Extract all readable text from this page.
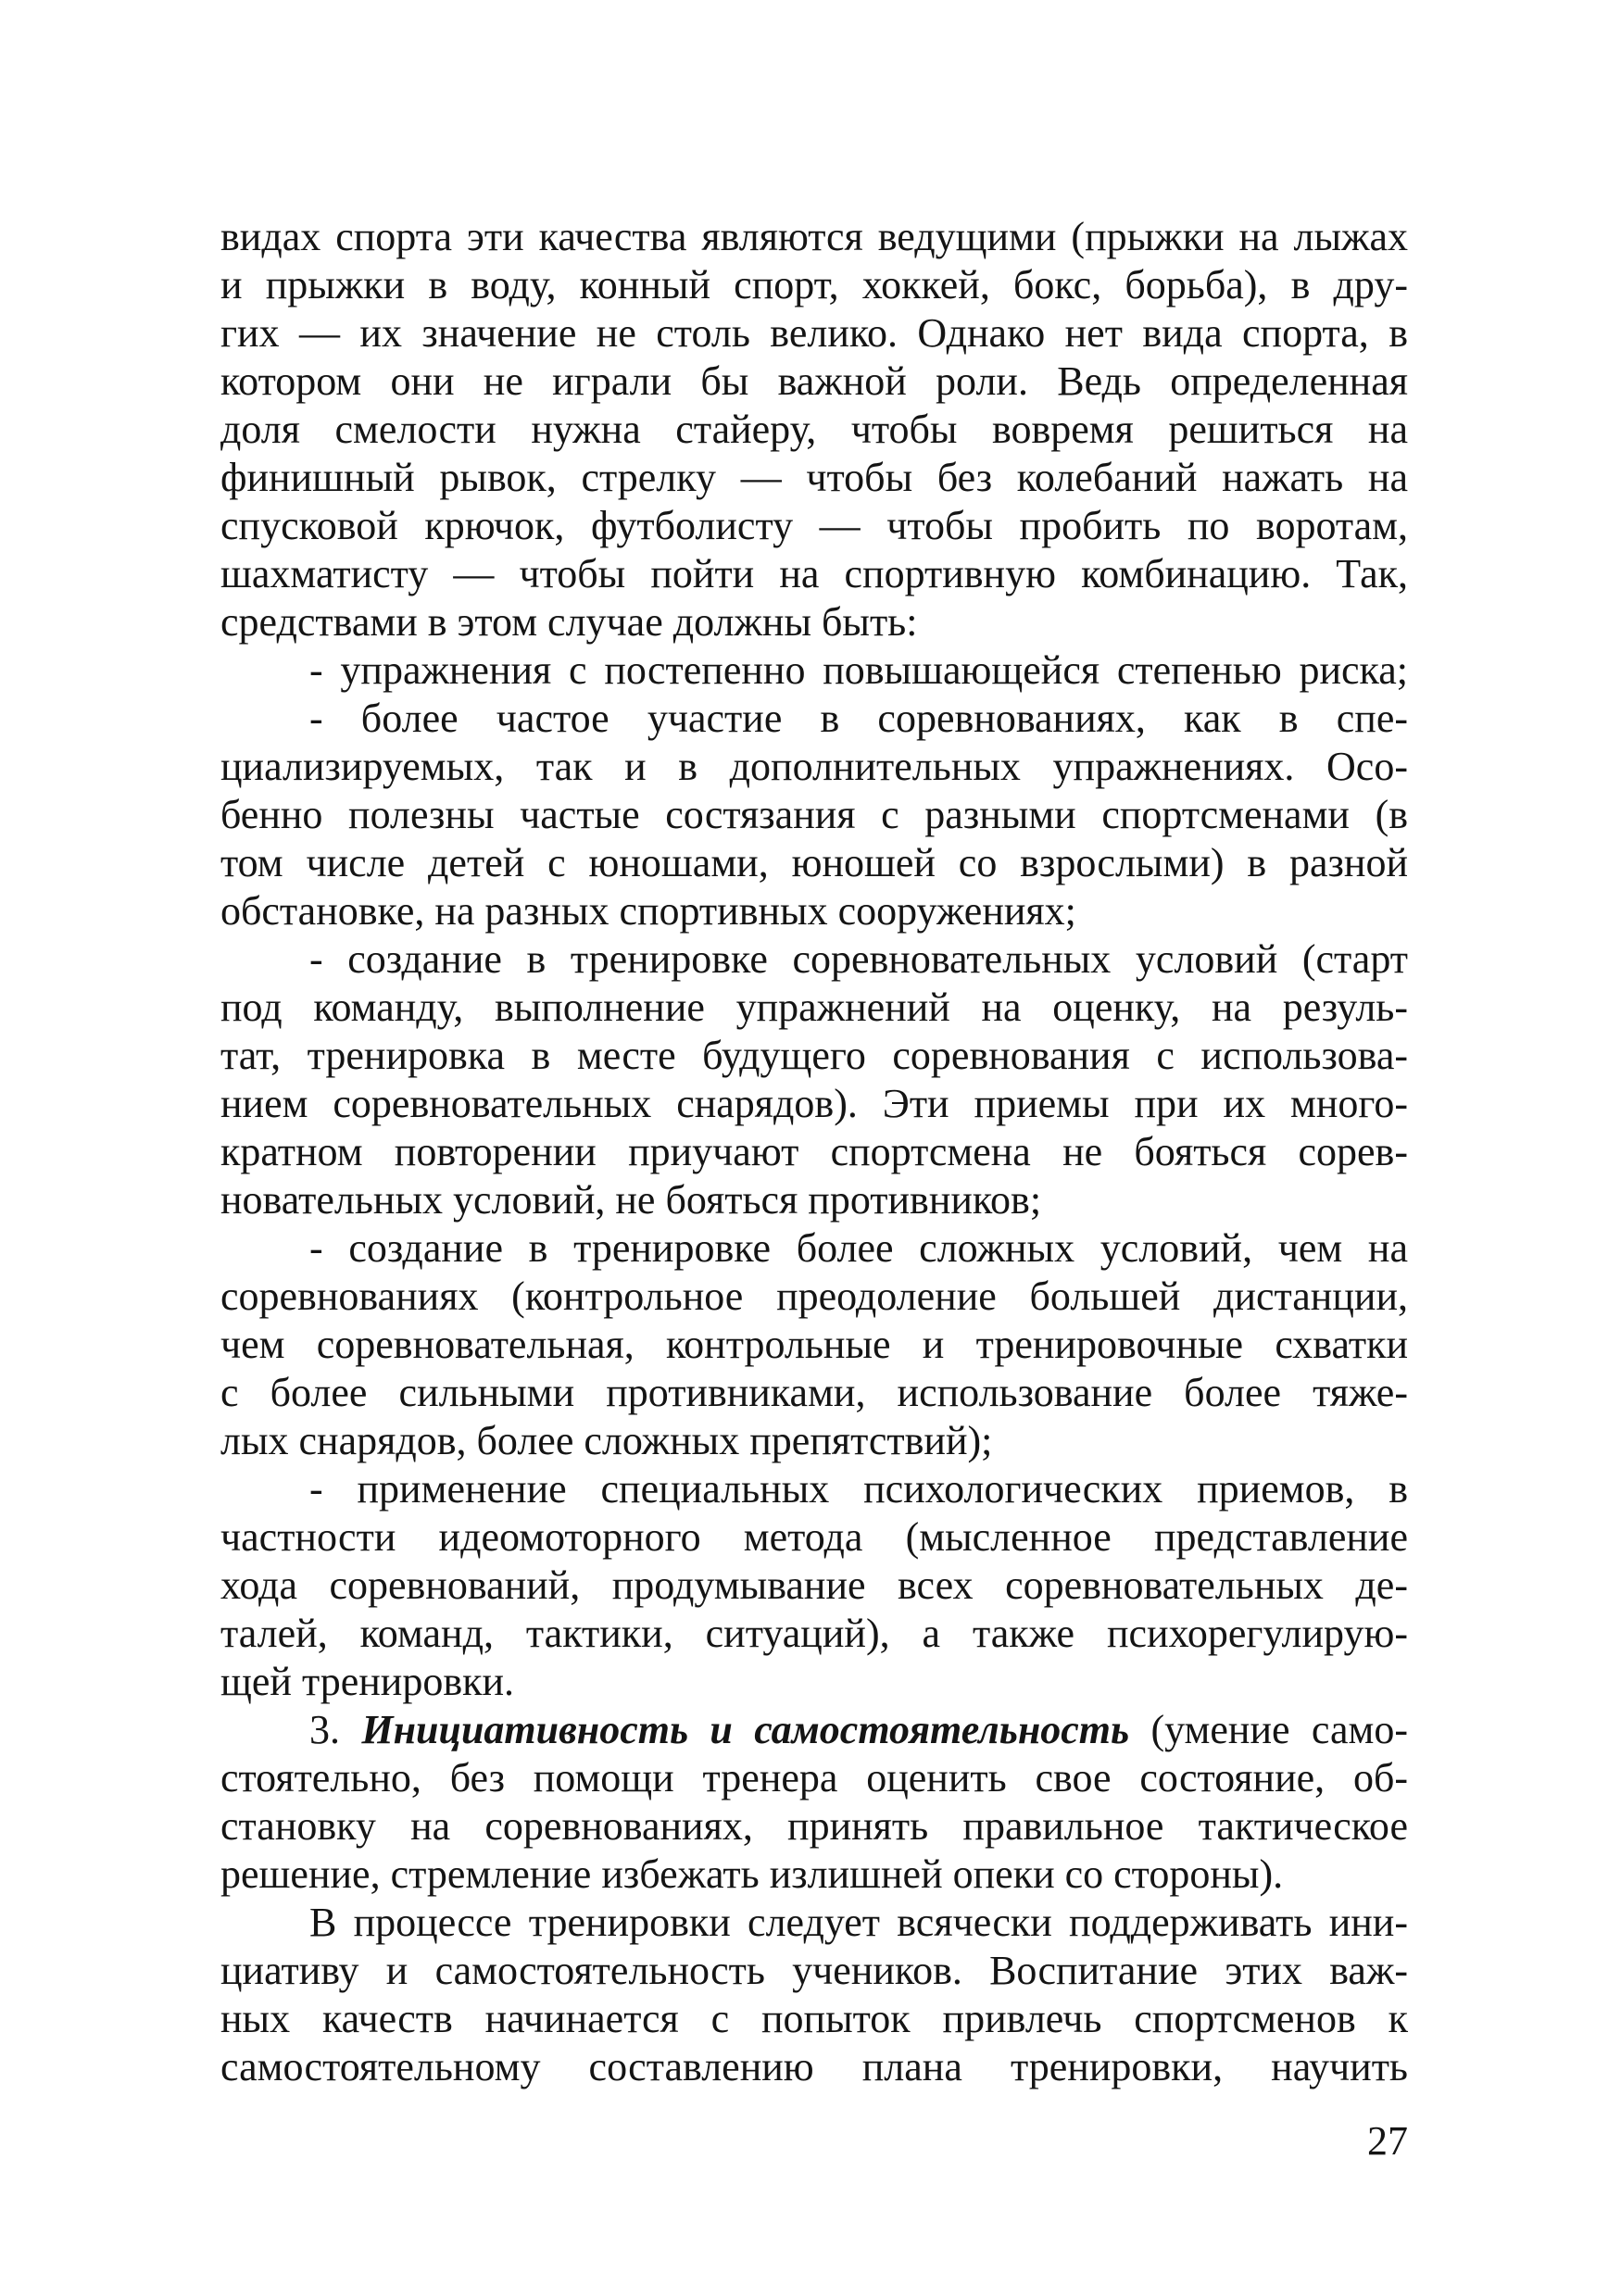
видах спорта эти качества являются ведущими (прыжки на лыжах
и прыжки в воду, конный спорт, хоккей, бокс, борьба), в дру-
гих — их значение не столь велико. Однако нет вида спорта, в
котором они не играли бы важной роли. Ведь определенная
доля смелости нужна стайеру, чтобы вовремя решиться на
финишный рывок, стрелку — чтобы без колебаний нажать на
спусковой крючок, футболисту — чтобы пробить по воротам,
шахматисту — чтобы пойти на спортивную комбинацию. Так,
средствами в этом случае должны быть:
- упражнения с постепенно повышающейся степенью риска;
- более частое участие в соревнованиях, как в спе-
циализируемых, так и в дополнительных упражнениях. Осо-
бенно полезны частые состязания с разными спортсменами (в
том числе детей с юношами, юношей со взрослыми) в разной
обстановке, на разных спортивных сооружениях;
- создание в тренировке соревновательных условий (старт
под команду, выполнение упражнений на оценку, на резуль-
тат, тренировка в месте будущего соревнования с использова-
нием соревновательных снарядов). Эти приемы при их много-
кратном повторении приучают спортсмена не бояться сорев-
новательных условий, не бояться противников;
- создание в тренировке более сложных условий, чем на
соревнованиях (контрольное преодоление большей дистанции,
чем соревновательная, контрольные и тренировочные схватки
с более сильными противниками, использование более тяже-
лых снарядов, более сложных препятствий);
- применение специальных психологических приемов, в
частности идеомоторного метода (мысленное представление
хода соревнований, продумывание всех соревновательных де-
талей, команд, тактики, ситуаций), а также психорегулирую-
щей тренировки.
3. Инициативность и самостоятельность (умение само-
стоятельно, без помощи тренера оценить свое состояние, об-
становку на соревнованиях, принять правильное тактическое
решение, стремление избежать излишней опеки со стороны).
В процессе тренировки следует всячески поддерживать ини-
циативу и самостоятельность учеников. Воспитание этих важ-
ных качеств начинается с попыток привлечь спортсменов к
самостоятельному составлению плана тренировки, научить
27
